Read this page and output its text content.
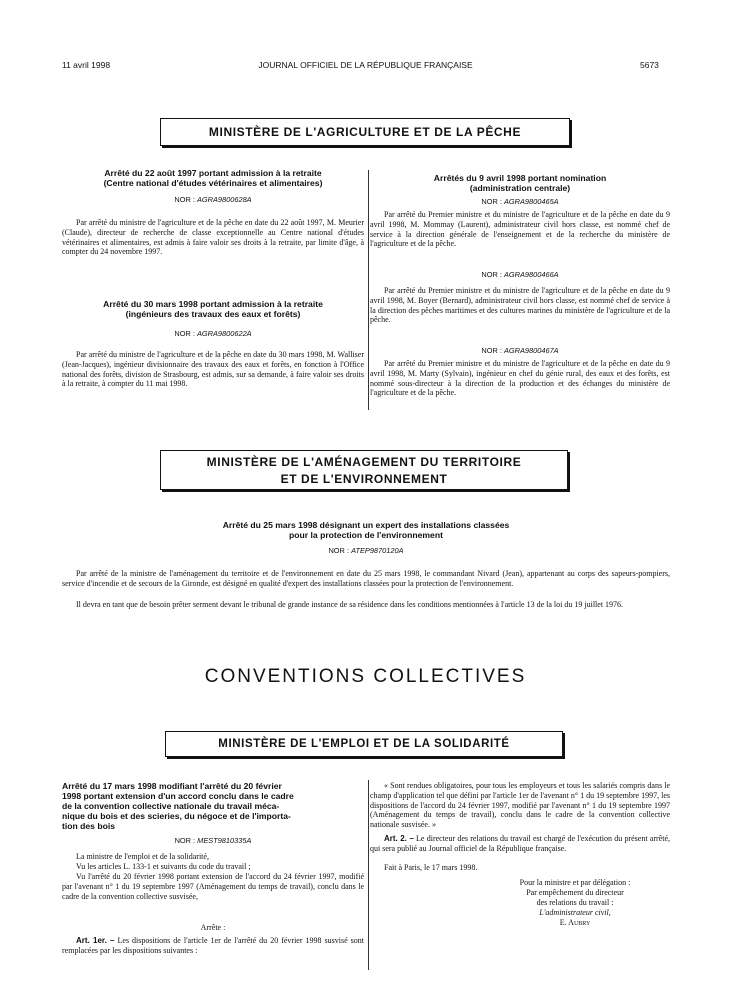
11 avril 1998	JOURNAL OFFICIEL DE LA RÉPUBLIQUE FRANÇAISE	5673
MINISTÈRE DE L'AGRICULTURE ET DE LA PÊCHE
Arrêté du 22 août 1997 portant admission à la retraite
(Centre national d'études vétérinaires et alimentaires)
NOR : AGRA9800628A

Par arrêté du ministre de l'agriculture et de la pêche en date du 22 août 1997, M. Meurier (Claude), directeur de recherche de classe exceptionnelle au Centre national d'études vétérinaires et alimentaires, est admis à faire valoir ses droits à la retraite, par limite d'âge, à compter du 24 novembre 1997.

Arrêté du 30 mars 1998 portant admission à la retraite
(ingénieurs des travaux des eaux et forêts)
NOR : AGRA9800622A

Par arrêté du ministre de l'agriculture et de la pêche en date du 30 mars 1998, M. Walliser (Jean-Jacques), ingénieur divisionnaire des travaux des eaux et forêts, en fonction à l'Office national des forêts, division de Strasbourg, est admis, sur sa demande, à faire valoir ses droits à la retraite, à compter du 11 mai 1998.

Arrêtés du 9 avril 1998 portant nomination
(administration centrale)
NOR : AGRA9800465A

Par arrêté du Premier ministre et du ministre de l'agriculture et de la pêche en date du 9 avril 1998, M. Mommay (Laurent), administrateur civil hors classe, est nommé chef de service à la direction générale de l'enseignement et de la recherche du ministère de l'agriculture et de la pêche.

NOR : AGRA9800466A

Par arrêté du Premier ministre et du ministre de l'agriculture et de la pêche en date du 9 avril 1998, M. Boyer (Bernard), administrateur civil hors classe, est nommé chef de service à la direction des pêches maritimes et des cultures marines du ministère de l'agriculture et de la pêche.

NOR : AGRA9800467A

Par arrêté du Premier ministre et du ministre de l'agriculture et de la pêche en date du 9 avril 1998, M. Marty (Sylvain), ingénieur en chef du génie rural, des eaux et des forêts, est nommé sous-directeur à la direction de la production et des échanges du ministère de l'agriculture et de la pêche.

MINISTÈRE DE L'AMÉNAGEMENT DU TERRITOIRE
ET DE L'ENVIRONNEMENT
Arrêté du 25 mars 1998 désignant un expert des installations classées
pour la protection de l'environnement
NOR : ATEP9870120A

Par arrêté de la ministre de l'aménagement du territoire et de l'environnement en date du 25 mars 1998, le commandant Nivard (Jean), appartenant au corps des sapeurs-pompiers, service d'incendie et de secours de la Gironde, est désigné en qualité d'expert des installations classées pour la protection de l'environnement.

Il devra en tant que de besoin prêter serment devant le tribunal de grande instance de sa résidence dans les conditions mentionnées à l'article 13 de la loi du 19 juillet 1976.

CONVENTIONS COLLECTIVES
MINISTÈRE DE L'EMPLOI ET DE LA SOLIDARITÉ
Arrêté du 17 mars 1998 modifiant l'arrêté du 20 février
1998 portant extension d'un accord conclu dans le cadre
de la convention collective nationale du travail méca-
nique du bois et des scieries, du négoce et de l'importa-
tion des bois
NOR : MEST9810335A

La ministre de l'emploi et de la solidarité,

Vu les articles L. 133-1 et suivants du code du travail ;

Vu l'arrêté du 20 février 1998 portant extension de l'accord du 24 février 1997, modifié par l'avenant n° 1 du 19 septembre 1997 (Aménagement du temps de travail), conclu dans le cadre de la convention collective susvisée,

Arrête :

Art. 1er. – Les dispositions de l'article 1er de l'arrêté du 20 février 1998 susvisé sont remplacées par les dispositions suivantes :

« Sont rendues obligatoires, pour tous les employeurs et tous les salariés compris dans le champ d'application tel que défini par l'article 1er de l'avenant n° 1 du 19 septembre 1997, les dispositions de l'accord du 24 février 1997, modifié par l'avenant n° 1 du 19 septembre 1997 (Aménagement du temps de travail), conclu dans le cadre de la convention collective nationale susvisée. »

Art. 2. – Le directeur des relations du travail est chargé de l'exécution du présent arrêté, qui sera publié au Journal officiel de la République française.

Fait à Paris, le 17 mars 1998.
Pour la ministre et par délégation :
Par empêchement du directeur
des relations du travail :
L'administrateur civil,
E. Aubry
